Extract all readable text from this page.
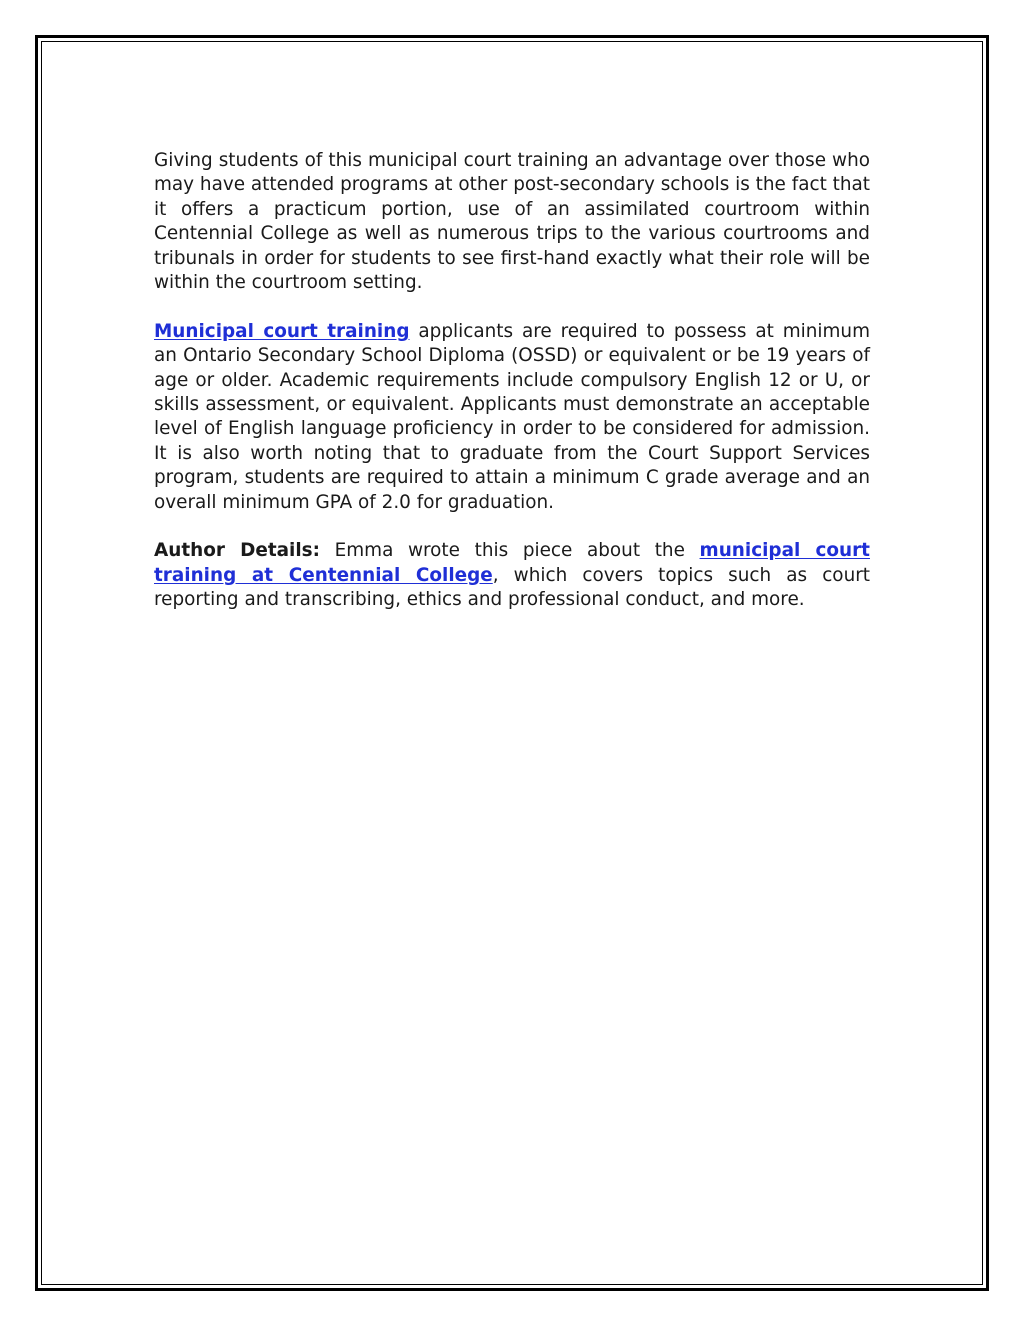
Giving students of this municipal court training an advantage over those who may have attended programs at other post-secondary schools is the fact that it offers a practicum portion, use of an assimilated courtroom within Centennial College as well as numerous trips to the various courtrooms and tribunals in order for students to see first-hand exactly what their role will be within the courtroom setting.

Municipal court training applicants are required to possess at minimum an Ontario Secondary School Diploma (OSSD) or equivalent or be 19 years of age or older. Academic requirements include compulsory English 12 or U, or skills assessment, or equivalent. Applicants must demonstrate an acceptable level of English language proficiency in order to be considered for admission. It is also worth noting that to graduate from the Court Support Services program, students are required to attain a minimum C grade average and an overall minimum GPA of 2.0 for graduation.

Author Details: Emma wrote this piece about the municipal court training at Centennial College, which covers topics such as court reporting and transcribing, ethics and professional conduct, and more.
